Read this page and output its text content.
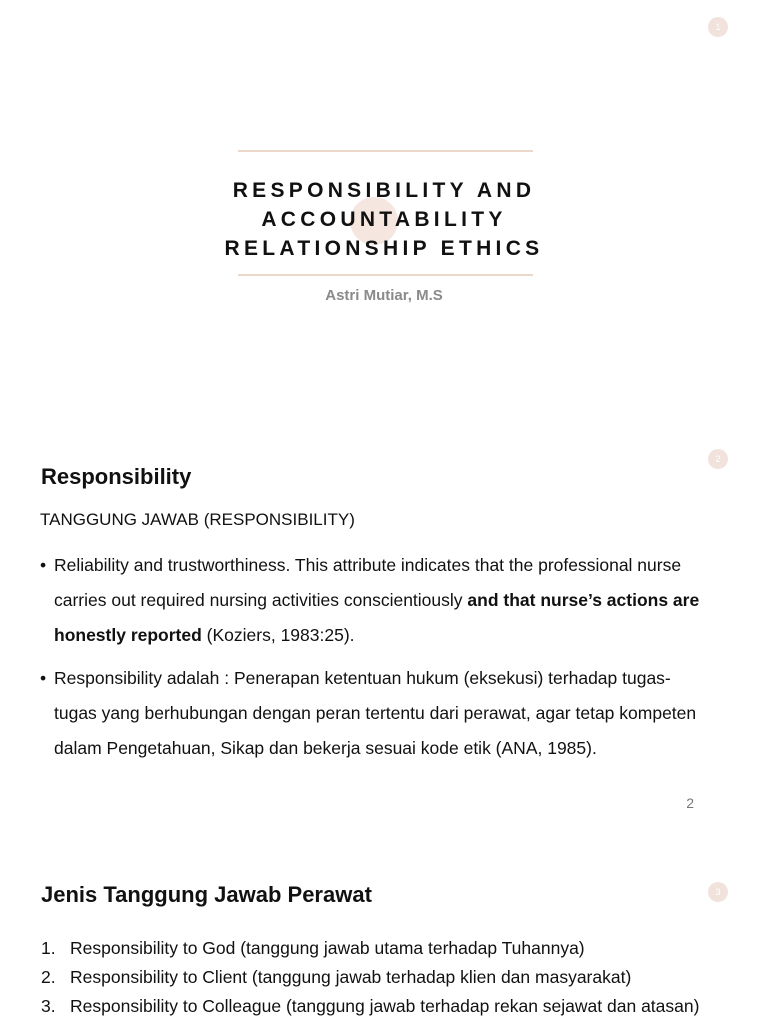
1
RESPONSIBILITY AND
ACCOUNTABILITY
RELATIONSHIP ETHICS
Astri Mutiar, M.S
2
Responsibility
TANGGUNG JAWAB (RESPONSIBILITY)
• Reliability and trustworthiness. This attribute indicates that the professional nurse carries out required nursing activities conscientiously and that nurse’s actions are honestly reported (Koziers, 1983:25).
• Responsibility adalah : Penerapan ketentuan hukum (eksekusi) terhadap tugas-tugas yang berhubungan dengan peran tertentu dari perawat, agar tetap kompeten dalam Pengetahuan, Sikap dan bekerja sesuai kode etik (ANA, 1985).
2
3
Jenis Tanggung Jawab Perawat
1. Responsibility to God (tanggung jawab utama terhadap Tuhannya)
2. Responsibility to Client (tanggung jawab terhadap klien dan masyarakat)
3. Responsibility to Colleague (tanggung jawab terhadap rekan sejawat dan atasan)
